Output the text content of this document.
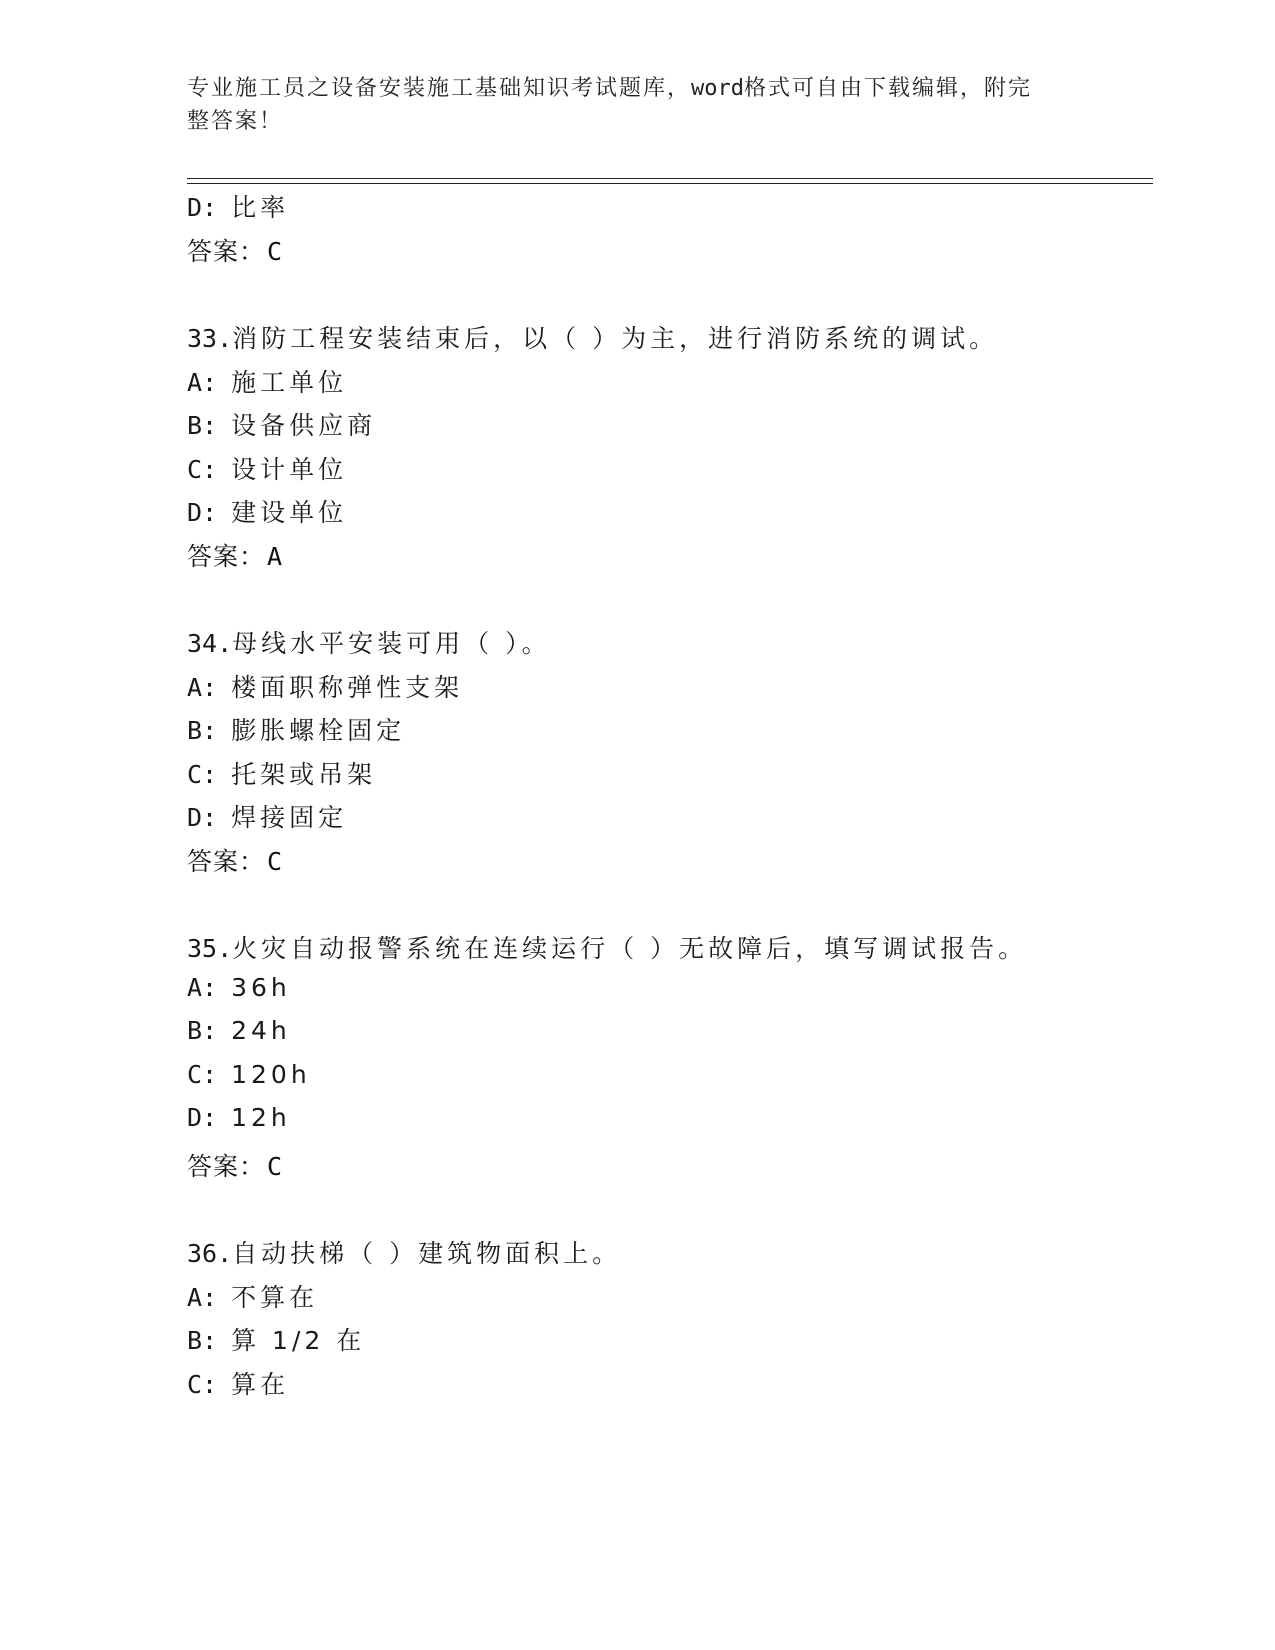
专业施工员之设备安装施工基础知识考试题库，word格式可自由下载编辑，附完
整答案！
D: 比率
答案：C
33.消防工程安装结束后，以（ ）为主，进行消防系统的调试。
A: 施工单位
B: 设备供应商
C: 设计单位
D: 建设单位
答案：A
34.母线水平安装可用（ ）。
A: 楼面职称弹性支架
B: 膨胀螺栓固定
C: 托架或吊架
D: 焊接固定
答案：C
35.火灾自动报警系统在连续运行（ ）无故障后，填写调试报告。
A: 36h
B: 24h
C: 120h
D: 12h
答案：C
36.自动扶梯（ ）建筑物面积上。
A: 不算在
B: 算 1/2 在
C: 算在
